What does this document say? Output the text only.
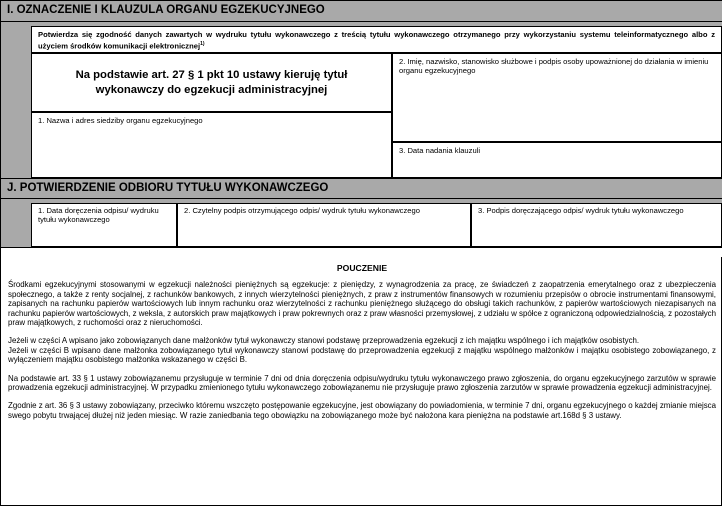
I. OZNACZENIE I KLAUZULA ORGANU EGZEKUCYJNEGO
Potwierdza się zgodność danych zawartych w wydruku tytułu wykonawczego z treścią tytułu wykonawczego otrzymanego przy wykorzystaniu systemu teleinformatycznego albo z użyciem środków komunikacji elektronicznej$^{1)}$
Na podstawie art. 27 § 1 pkt 10 ustawy kieruję tytuł wykonawczy do egzekucji administracyjnej
1. Nazwa i adres siedziby organu egzekucyjnego
2. Imię, nazwisko, stanowisko służbowe i podpis osoby upoważnionej do działania w imieniu organu egzekucyjnego
3. Data nadania klauzuli
J. POTWIERDZENIE ODBIORU TYTUŁU WYKONAWCZEGO
1. Data doręczenia odpisu/ wydruku tytułu wykonawczego
2. Czytelny podpis otrzymującego odpis/ wydruk tytułu wykonawczego	3. Podpis doręczającego odpis/ wydruk tytułu wykonawczego
POUCZENIE

Środkami egzekucyjnymi stosowanymi w egzekucji należności pieniężnych są egzekucje: z pieniędzy, z wynagrodzenia za pracę, ze świadczeń z zaopatrzenia emerytalnego oraz z ubezpieczenia społecznego, a także z renty socjalnej, z rachunków bankowych, z innych wierzytelności pieniężnych, z praw z instrumentów finansowych w rozumieniu przepisów o obrocie instrumentami finansowymi, zapisanych na rachunku papierów wartościowych lub innym rachunku oraz wierzytelności z rachunku pieniężnego służącego do obsługi takich rachunków, z papierów wartościowych niezapisanych na rachunku papierów wartościowych, z weksla, z autorskich praw majątkowych i praw pokrewnych oraz z praw własności przemysłowej, z udziału w spółce z ograniczoną odpowiedzialnością, z pozostałych praw majątkowych, z ruchomości oraz z nieruchomości.

Jeżeli w części A wpisano jako zobowiązanych dane małżonków tytuł wykonawczy stanowi podstawę przeprowadzenia egzekucji z ich majątku wspólnego i ich majątków osobistych.

Jeżeli w części B wpisano dane małżonka zobowiązanego tytuł wykonawczy stanowi podstawę do przeprowadzenia egzekucji z majątku wspólnego małżonków i majątku osobistego zobowiązanego, z wyłączeniem majątku osobistego małżonka wskazanego w części B.

Na podstawie art. 33 § 1 ustawy zobowiązanemu przysługuje w terminie 7 dni od dnia doręczenia odpisu/wydruku tytułu wykonawczego prawo zgłoszenia, do organu egzekucyjnego zarzutów w sprawie prowadzenia egzekucji administracyjnej. W przypadku zmienionego tytułu wykonawczego zobowiązanemu nie przysługuje prawo zgłoszenia zarzutów w sprawie prowadzenia egzekucji administracyjnej.

Zgodnie z art. 36 § 3 ustawy zobowiązany, przeciwko któremu wszczęto postępowanie egzekucyjne, jest obowiązany do powiadomienia, w terminie 7 dni, organu egzekucyjnego o każdej zmianie miejsca swego pobytu trwającej dłużej niż jeden miesiąc. W razie zaniedbania tego obowiązku na zobowiązanego może być nałożona kara pieniężna na podstawie art.168d § 3 ustawy.
